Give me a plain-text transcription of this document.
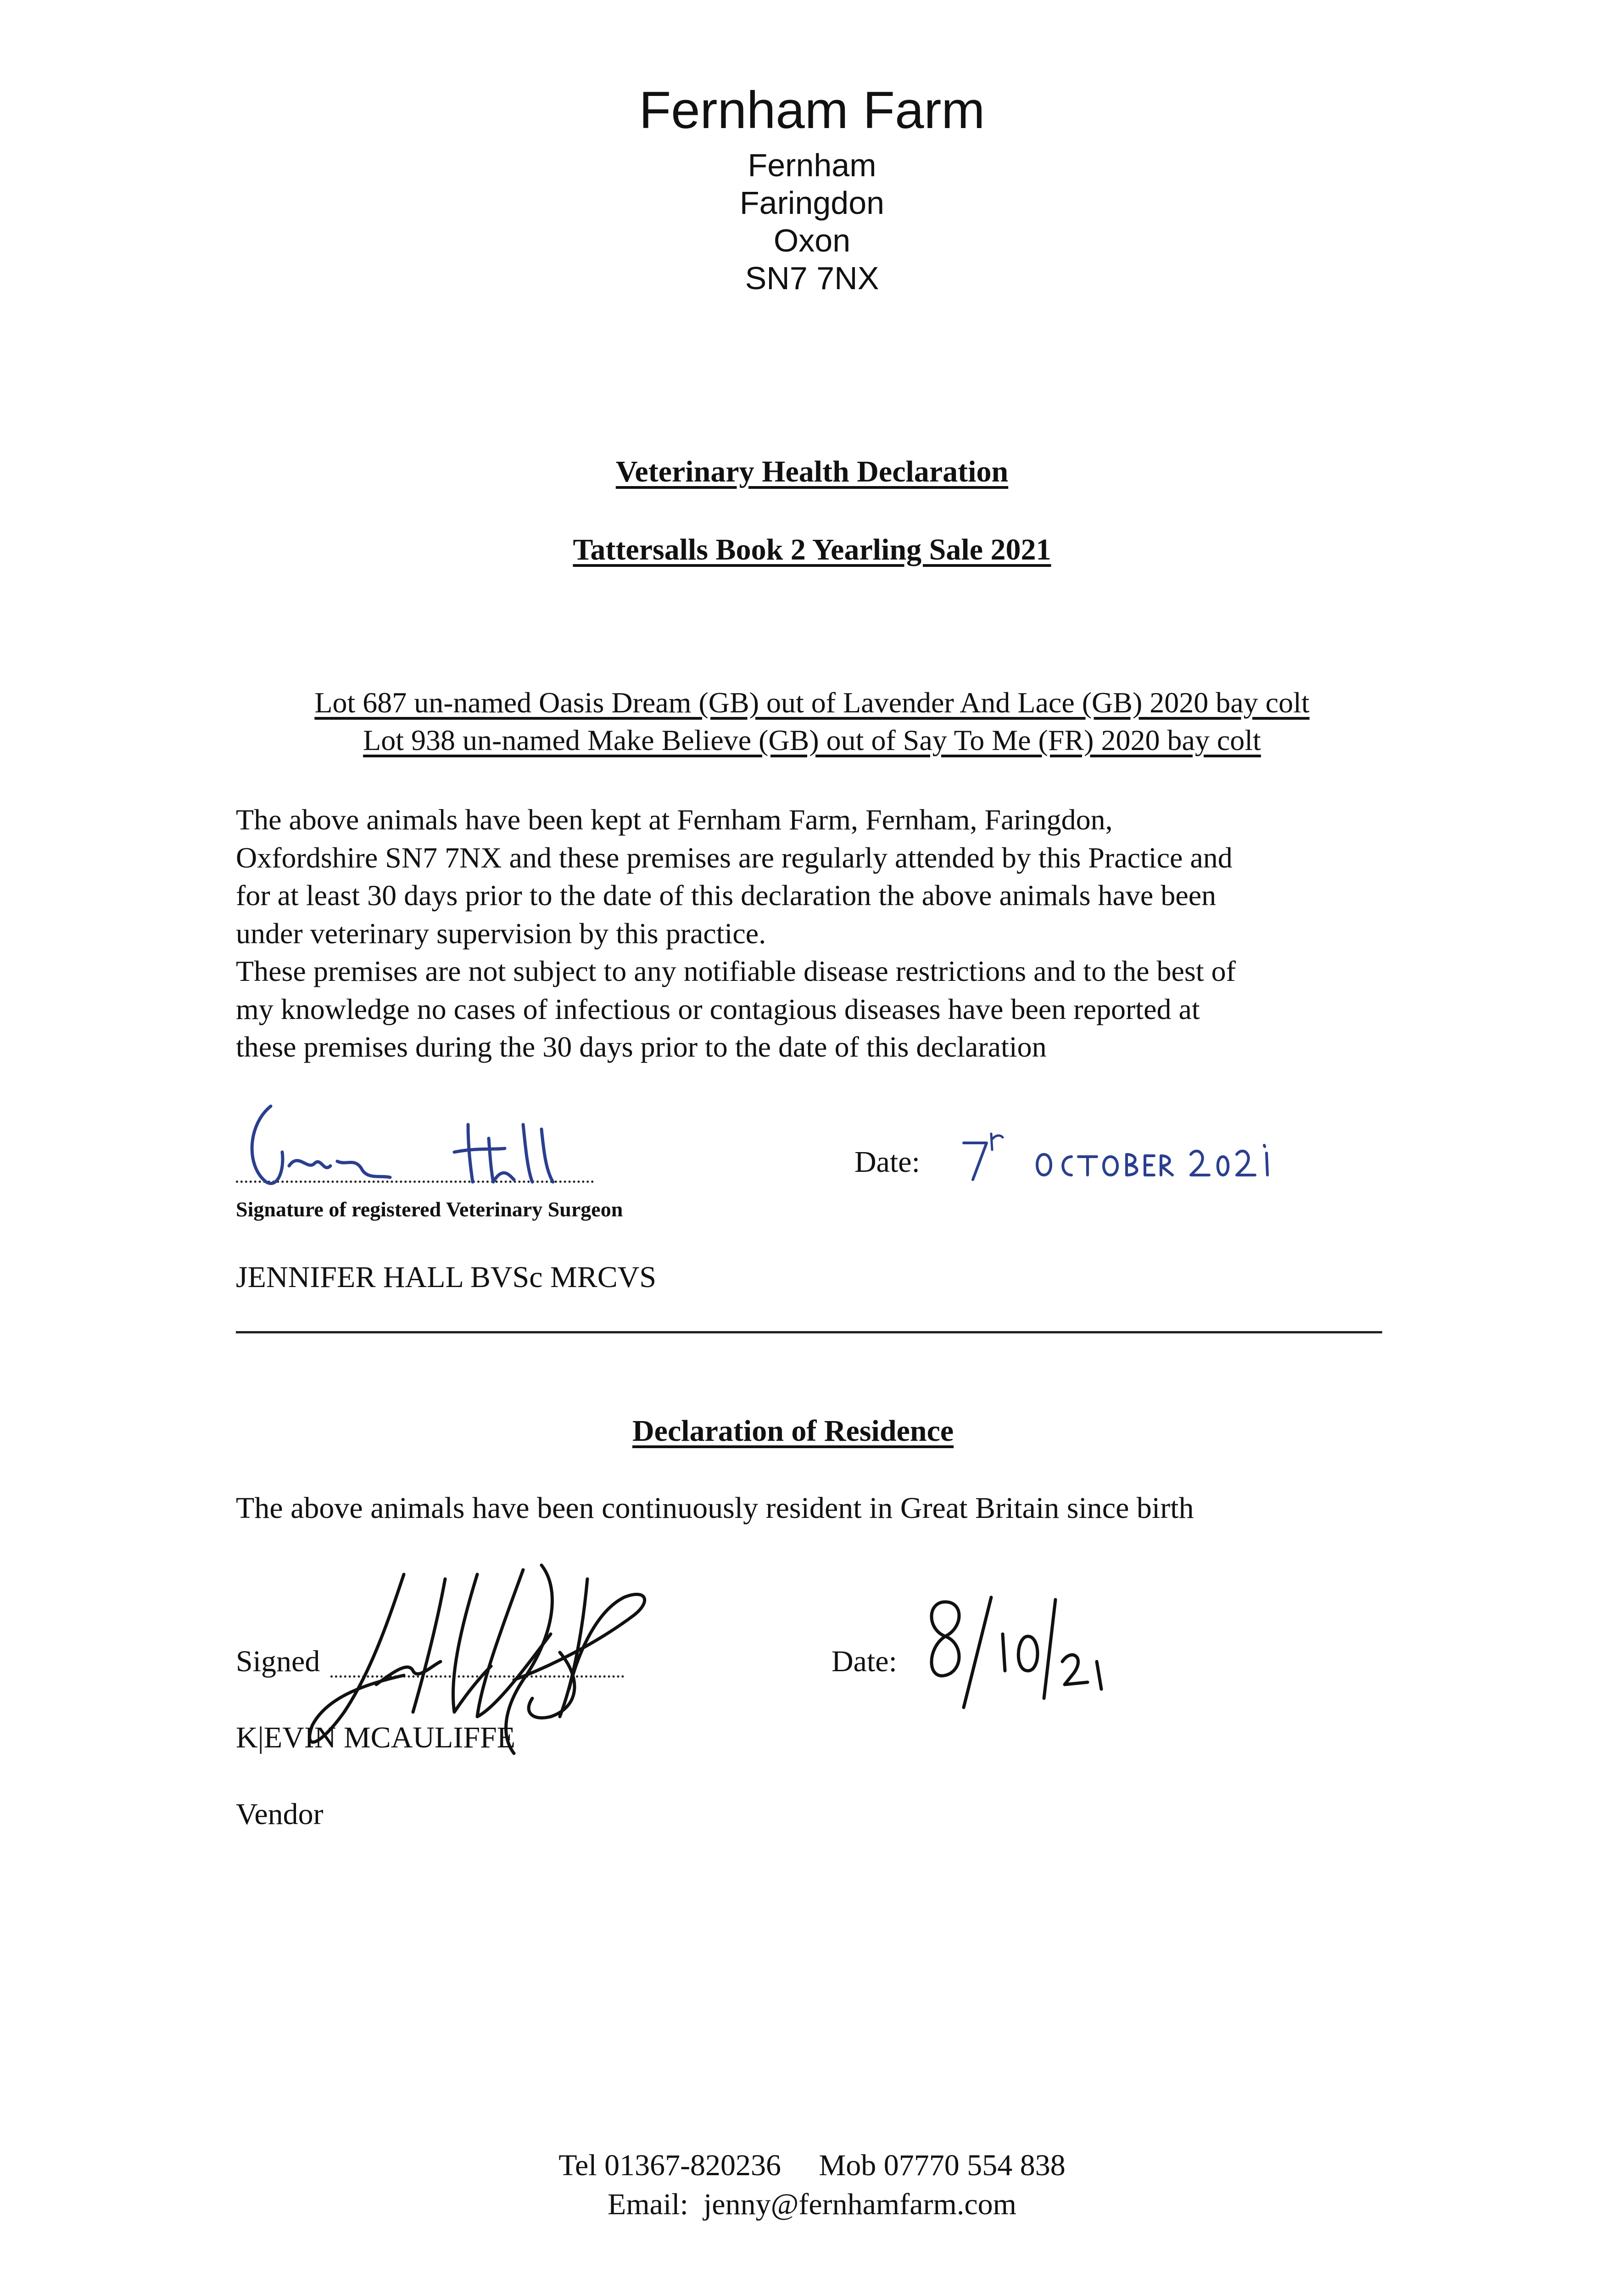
Fernham Farm
Fernham
Faringdon
Oxon
SN7 7NX
Veterinary Health Declaration
Tattersalls Book 2 Yearling Sale 2021
Lot 687 un-named Oasis Dream (GB) out of Lavender And Lace (GB) 2020 bay colt
Lot 938 un-named Make Believe (GB) out of Say To Me (FR) 2020 bay colt
The above animals have been kept at Fernham Farm, Fernham, Faringdon,
Oxfordshire SN7 7NX and these premises are regularly attended by this Practice and
for at least 30 days prior to the date of this declaration the above animals have been
under veterinary supervision by this practice.
These premises are not subject to any notifiable disease restrictions and to the best of
my knowledge no cases of infectious or contagious diseases have been reported at
these premises during the 30 days prior to the date of this declaration
Signature of registered Veterinary Surgeon
Date:
JENNIFER HALL BVSc MRCVS
Declaration of Residence
The above animals have been continuously resident in Great Britain since birth
Signed
K|EVIN MCAULIFFE
Date:
Vendor
Tel 01367-820236     Mob 07770 554 838
Email:  jenny@fernhamfarm.com
